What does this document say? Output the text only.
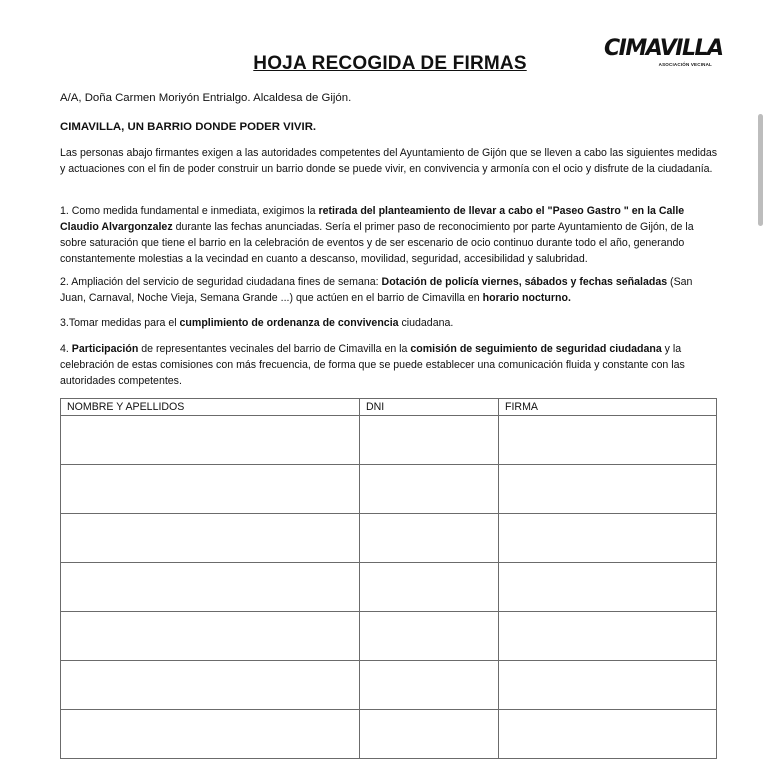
HOJA RECOGIDA DE FIRMAS
CIMAVILLA
ASOCIACIÓN VECINAL

A/A, Doña Carmen Moriyón Entrialgo. Alcaldesa de Gijón.

CIMAVILLA, UN BARRIO DONDE PODER VIVIR.

Las personas abajo firmantes exigen a las autoridades competentes del Ayuntamiento de Gijón que se lleven a cabo las siguientes medidas y actuaciones con el fin de poder construir un barrio donde se puede vivir, en convivencia y armonía con el ocio y disfrute de la ciudadanía.

1. Como medida fundamental e inmediata, exigimos la retirada del planteamiento de llevar a cabo el "Paseo Gastro " en la Calle Claudio Alvargonzalez durante las fechas anunciadas. Sería el primer paso de reconocimiento por parte Ayuntamiento de Gijón, de la sobre saturación que tiene el barrio en la celebración de eventos y de ser escenario de ocio continuo durante todo el año, generando constantemente molestias a la vecindad en cuanto a descanso, movilidad, seguridad, accesibilidad y salubridad.

2. Ampliación del servicio de seguridad ciudadana fines de semana: Dotación de policía viernes, sábados y fechas señaladas (San Juan, Carnaval, Noche Vieja, Semana Grande ...) que actúen en el barrio de Cimavilla en horario nocturno.

3.Tomar medidas para el cumplimiento de ordenanza de convivencia ciudadana.

4. Participación de representantes vecinales del barrio de Cimavilla en la comisión de seguimiento de seguridad ciudadana y la celebración de estas comisiones con más frecuencia, de forma que se puede establecer una comunicación fluida y constante con las autoridades competentes.

NOMBRE Y APELLIDOS	DNI	FIRMA
